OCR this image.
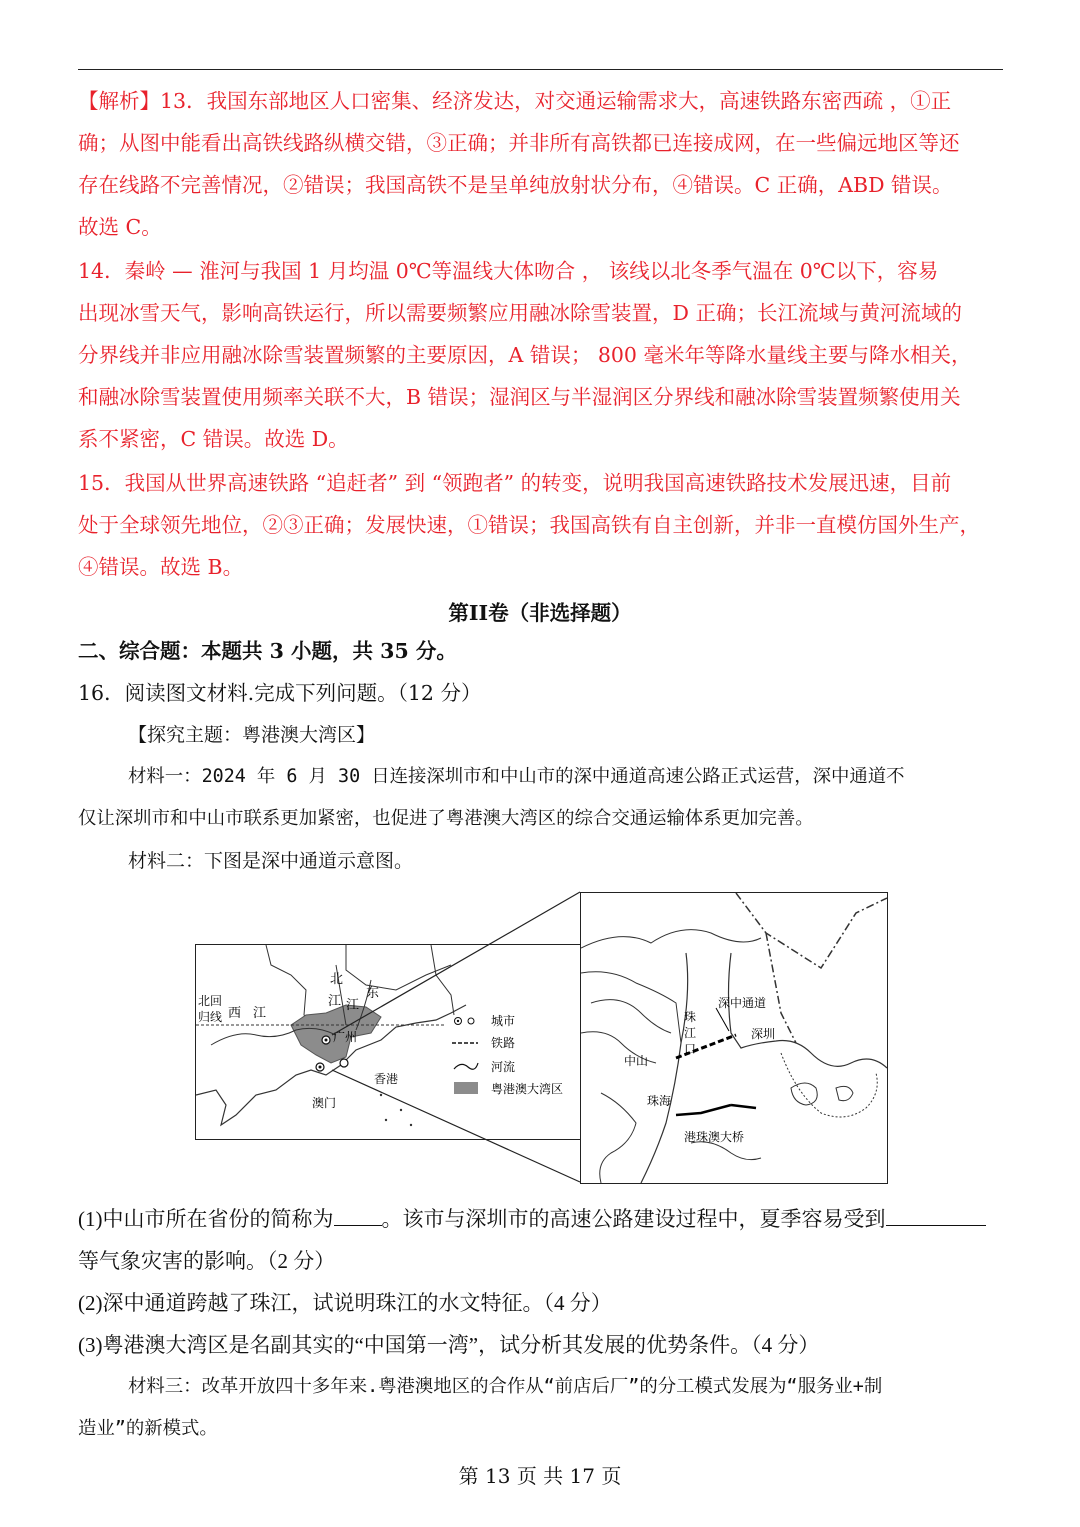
【解析】13．我国东部地区人口密集、经济发达，对交通运输需求大，高速铁路东密西疏 ，①正
确；从图中能看出高铁线路纵横交错，③正确；并非所有高铁都已连接成网，在一些偏远地区等还
存在线路不完善情况，②错误；我国高铁不是呈单纯放射状分布，④错误。C 正确，ABD 错误。
故选 C。
14．秦岭 — 淮河与我国 1 月均温 0℃等温线大体吻合 ， 该线以北冬季气温在 0℃以下，容易
出现冰雪天气，影响高铁运行，所以需要频繁应用融冰除雪装置，D 正确；长江流域与黄河流域的
分界线并非应用融冰除雪装置频繁的主要原因，A 错误； 800 毫米年等降水量线主要与降水相关，
和融冰除雪装置使用频率关联不大，B 错误；湿润区与半湿润区分界线和融冰除雪装置频繁使用关
系不紧密，C 错误。故选 D。
15．我国从世界高速铁路 “追赶者” 到 “领跑者” 的转变，说明我国高速铁路技术发展迅速，目前
处于全球领先地位，②③正确；发展快速，①错误；我国高铁有自主创新，并非一直模仿国外生产，
④错误。故选 B。
第II卷（非选择题）
二、综合题：本题共 3 小题，共 35 分。
16．阅读图文材料.完成下列问题。（12 分）
【探究主题：粤港澳大湾区】
材料一：2024 年 6 月 30 日连接深圳市和中山市的深中通道高速公路正式运营，深中通道不
仅让深圳市和中山市联系更加紧密，也促进了粤港澳大湾区的综合交通运输体系更加完善。
材料二：下图是深中通道示意图。
北回
归线 西 江
北
江 江
东
广州
香港
澳门
城市
铁路
河流
粤港澳大湾区
珠
江
口
深中通道
深圳
中山
珠海
港珠澳大桥
(1)中山市所在省份的简称为 。该市与深圳市的高速公路建设过程中，夏季容易受到
等气象灾害的影响。（2 分）
(2)深中通道跨越了珠江，试说明珠江的水文特征。（4 分）
(3)粤港澳大湾区是名副其实的“中国第一湾”，试分析其发展的优势条件。（4 分）
材料三：改革开放四十多年来.粤港澳地区的合作从“前店后厂”的分工模式发展为“服务业+制
造业”的新模式。
第 13 页 共 17 页
